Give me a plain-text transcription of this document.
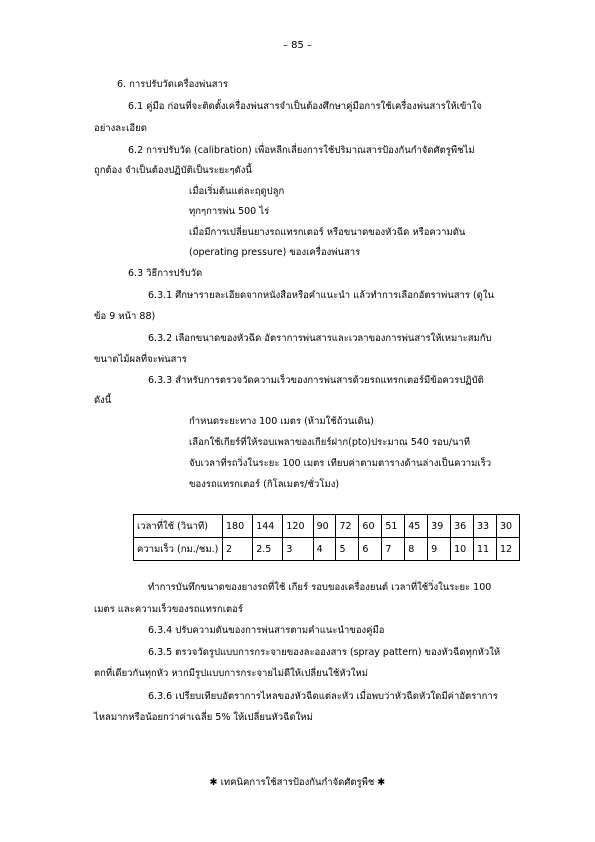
– 85 –
6. การปรับวัดเครื่องพ่นสาร
6.1 คู่มือ ก่อนที่จะติดตั้งเครื่องพ่นสารจำเป็นต้องศึกษาคู่มือการใช้เครื่องพ่นสารให้เข้าใจ
อย่างละเอียด
6.2 การปรับวัด (calibration) เพื่อหลีกเลี่ยงการใช้ปริมาณสารป้องกันกำจัดศัตรูพืชไม่
ถูกต้อง จำเป็นต้องปฏิบัติเป็นระยะๆดังนี้
เมื่อเริ่มต้นแต่ละฤดูปลูก
ทุกๆการพ่น 500 ไร่
เมื่อมีการเปลี่ยนยางรถแทรกเตอร์ หรือขนาดของหัวฉีด หรือความดัน
(operating pressure) ของเครื่องพ่นสาร
6.3 วิธีการปรับวัด
6.3.1 ศึกษารายละเอียดจากหนังสือหรือคำแนะนำ แล้วทำการเลือกอัตราพ่นสาร (ดูใน
ข้อ 9 หน้า 88)
6.3.2 เลือกขนาดของหัวฉีด อัตราการพ่นสารและเวลาของการพ่นสารให้เหมาะสมกับ
ขนาดไม้ผลที่จะพ่นสาร
6.3.3 สำหรับการตรวจวัดความเร็วของการพ่นสารด้วยรถแทรกเตอร์มีข้อควรปฏิบัติ
ดังนี้
กำหนดระยะทาง 100 เมตร (ห้ามใช้ถ้วนเดิน)
เลือกใช้เกียร์ที่ให้รอบเพลาของเกียร์ฝาก(pto)ประมาณ 540 รอบ/นาที
จับเวลาที่รถวิ่งในระยะ 100 เมตร เทียบค่าตามตารางด้านล่างเป็นความเร็ว
ของรถแทรกเตอร์ (กิโลเมตร/ชั่วโมง)
เวลาที่ใช้ (วินาที)	180	144	120	90	72	60	51	45	39	36	33	30
ความเร็ว (กม./ชม.)	2	2.5	3	4	5	6	7	8	9	10	11	12
ทำการบันทึกขนาดของยางรถที่ใช้ เกียร์ รอบของเครื่องยนต์ เวลาที่ใช้วิ่งในระยะ 100
เมตร และความเร็วของรถแทรกเตอร์
6.3.4 ปรับความดันของการพ่นสารตามคำแนะนำของคู่มือ
6.3.5 ตรวจวัดรูปแบบการกระจายของละอองสาร (spray pattern) ของหัวฉีดทุกหัวให้
ตกที่เดียวกันทุกหัว หากมีรูปแบบการกระจายไม่ดีให้เปลี่ยนใช้หัวใหม่
6.3.6 เปรียบเทียบอัตราการไหลของหัวฉีดแต่ละหัว เมื่อพบว่าหัวฉีดหัวใดมีค่าอัตราการ
ไหลมากหรือน้อยกว่าค่าเฉลี่ย 5% ให้เปลี่ยนหัวฉีดใหม่
✱ เทคนิคการใช้สารป้องกันกำจัดศัตรูพืช ✱
